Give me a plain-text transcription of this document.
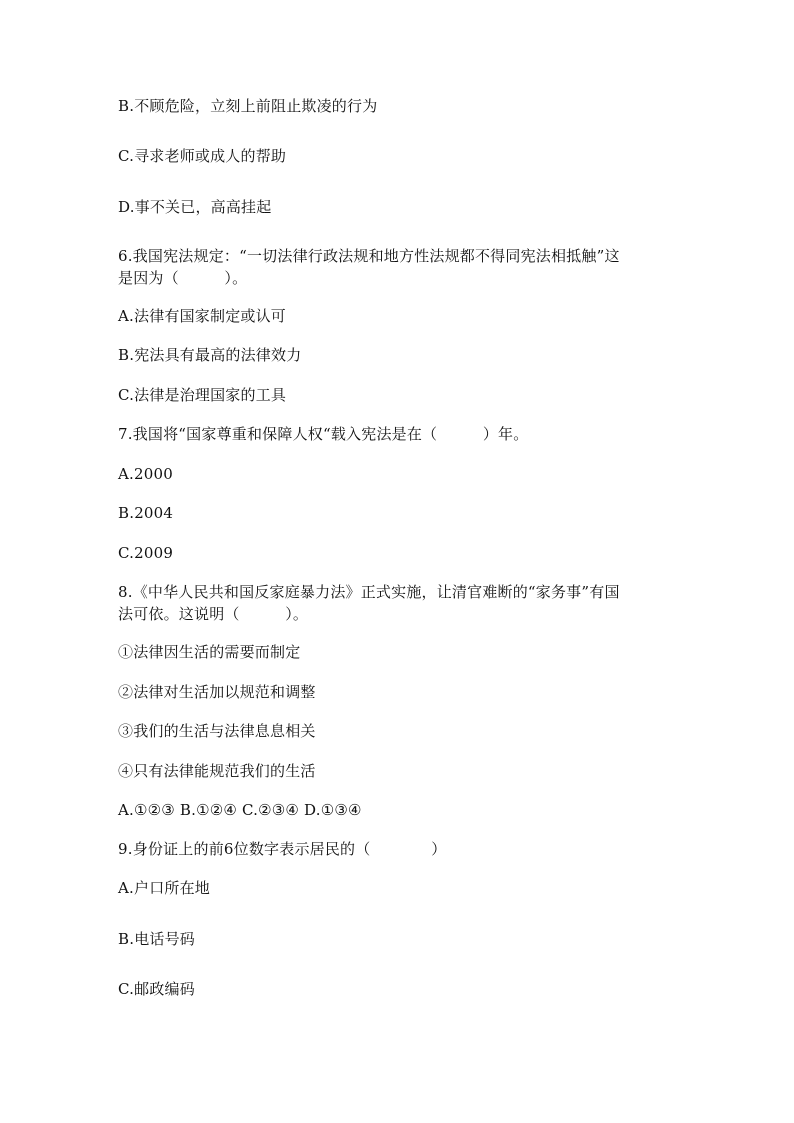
B.不顾危险，立刻上前阻止欺凌的行为
C.寻求老师或成人的帮助
D.事不关已，高高挂起
6.我国宪法规定：“一切法律行政法规和地方性法规都不得同宪法相抵触”这
是因为（　　　）。
A.法律有国家制定或认可
B.宪法具有最高的法律效力
C.法律是治理国家的工具
7.我国将“国家尊重和保障人权“载入宪法是在（　　　）年。
A.2000
B.2004
C.2009
8.《中华人民共和国反家庭暴力法》正式实施，让清官难断的“家务事”有国
法可依。这说明（　　　）。
①法律因生活的需要而制定
②法律对生活加以规范和调整
③我们的生活与法律息息相关
④只有法律能规范我们的生活
A.①②③ B.①②④ C.②③④ D.①③④
9.身份证上的前6位数字表示居民的（　　　　）
A.户口所在地
B.电话号码
C.邮政编码
